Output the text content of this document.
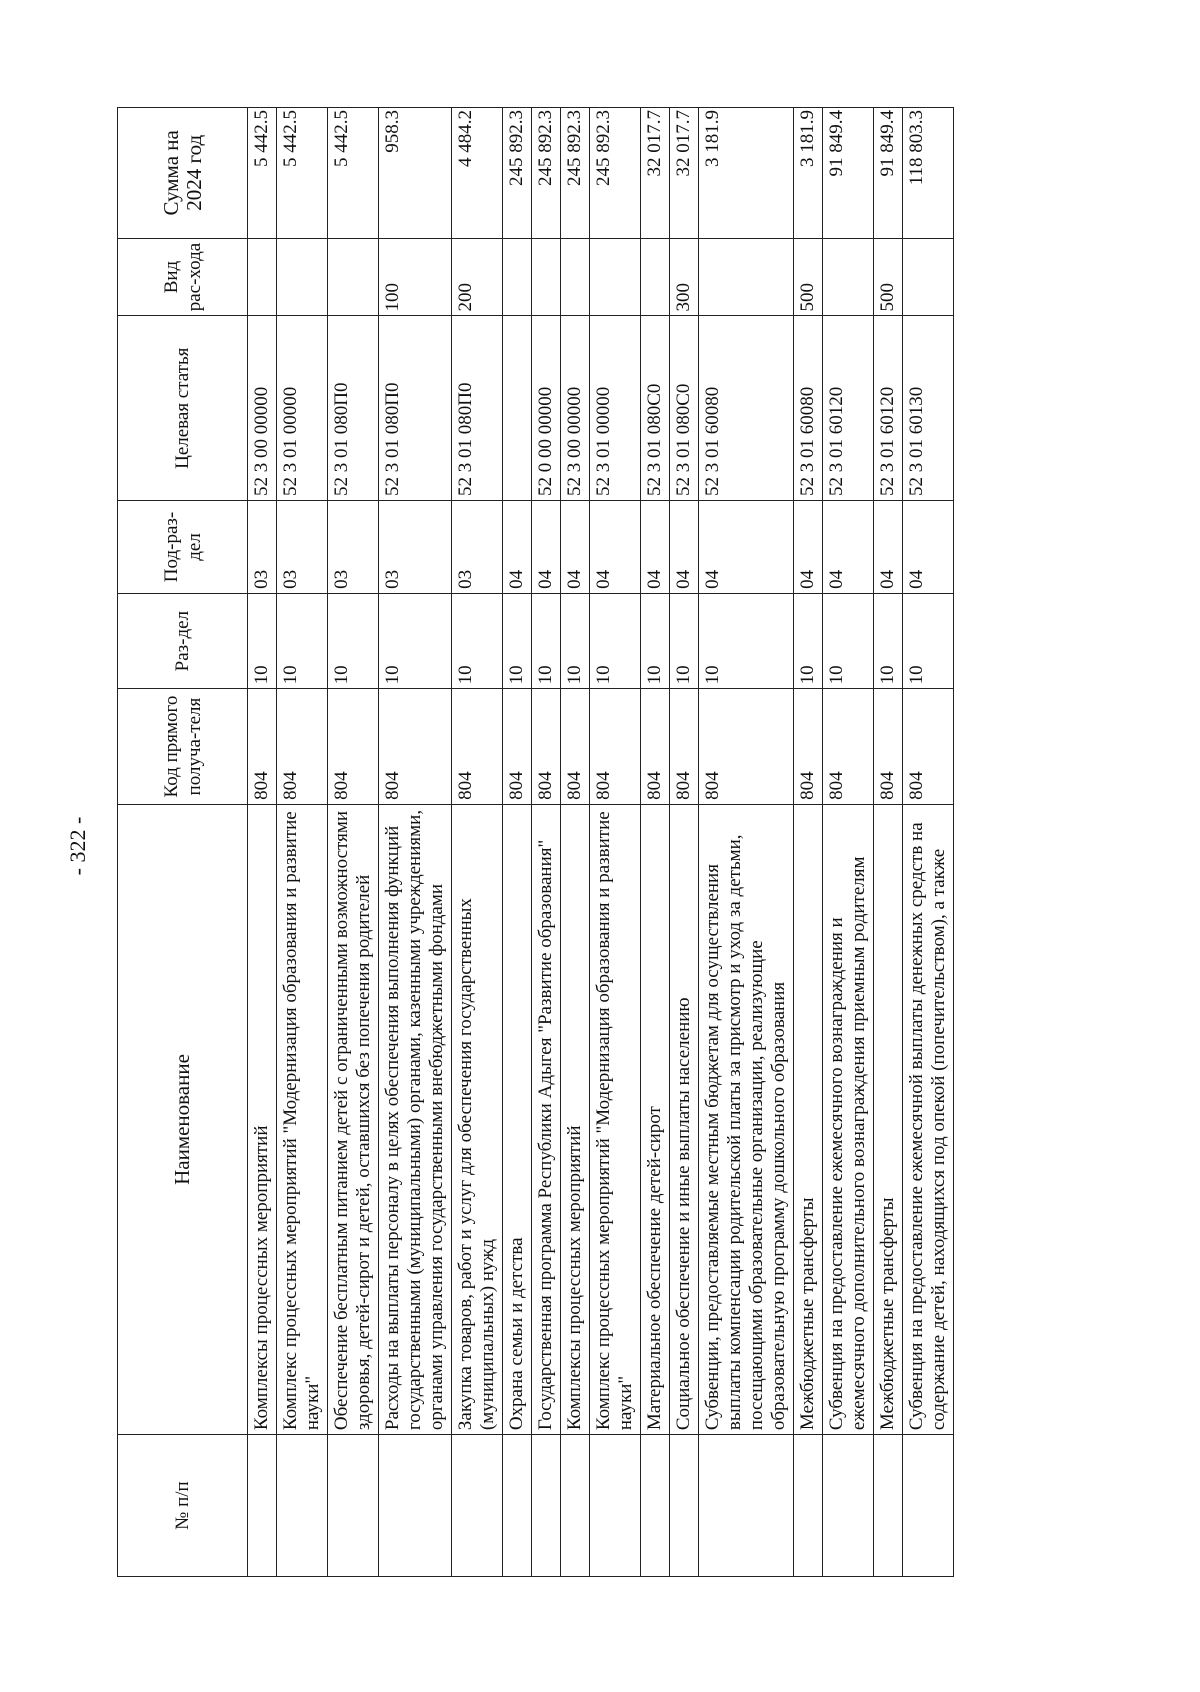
- 322 -
№ п/п	Наименование	Код прямого получа-теля	Раз-дел	Под-раз-дел	Целевая статья	Вид рас-хода	Сумма на 2024 год
	Комплексы процессных мероприятий	804	10	03	52 3 00 00000		5 442.5
	Комплекс процессных мероприятий "Модернизация образования и развитие науки"	804	10	03	52 3 01 00000		5 442.5
	Обеспечение бесплатным питанием детей с ограниченными возможностями здоровья, детей-сирот и детей, оставшихся без попечения родителей	804	10	03	52 3 01 080П0		5 442.5
	Расходы на выплаты персоналу в целях обеспечения выполнения функций государственными (муниципальными) органами, казенными учреждениями, органами управления государственными внебюджетными фондами	804	10	03	52 3 01 080П0	100	958.3
	Закупка товаров, работ и услуг для обеспечения государственных (муниципальных) нужд	804	10	03	52 3 01 080П0	200	4 484.2
	Охрана семьи и детства	804	10	04			245 892.3
	Государственная программа Республики Адыгея "Развитие образования"	804	10	04	52 0 00 00000		245 892.3
	Комплексы процессных мероприятий	804	10	04	52 3 00 00000		245 892.3
	Комплекс процессных мероприятий "Модернизация образования и развитие науки"	804	10	04	52 3 01 00000		245 892.3
	Материальное обеспечение детей-сирот	804	10	04	52 3 01 080С0		32 017.7
	Социальное обеспечение и иные выплаты населению	804	10	04	52 3 01 080С0	300	32 017.7
	Субвенции, предоставляемые местным бюджетам для осуществления выплаты компенсации родительской платы за присмотр и уход за детьми, посещающими образовательные организации, реализующие образовательную программу дошкольного образования	804	10	04	52 3 01 60080		3 181.9
	Межбюджетные трансферты	804	10	04	52 3 01 60080	500	3 181.9
	Субвенция на предоставление ежемесячного вознаграждения и ежемесячного дополнительного вознаграждения приемным родителям	804	10	04	52 3 01 60120		91 849.4
	Межбюджетные трансферты	804	10	04	52 3 01 60120	500	91 849.4
	Субвенция на предоставление ежемесячной выплаты денежных средств на содержание детей, находящихся под опекой (попечительством), а также	804	10	04	52 3 01 60130		118 803.3
